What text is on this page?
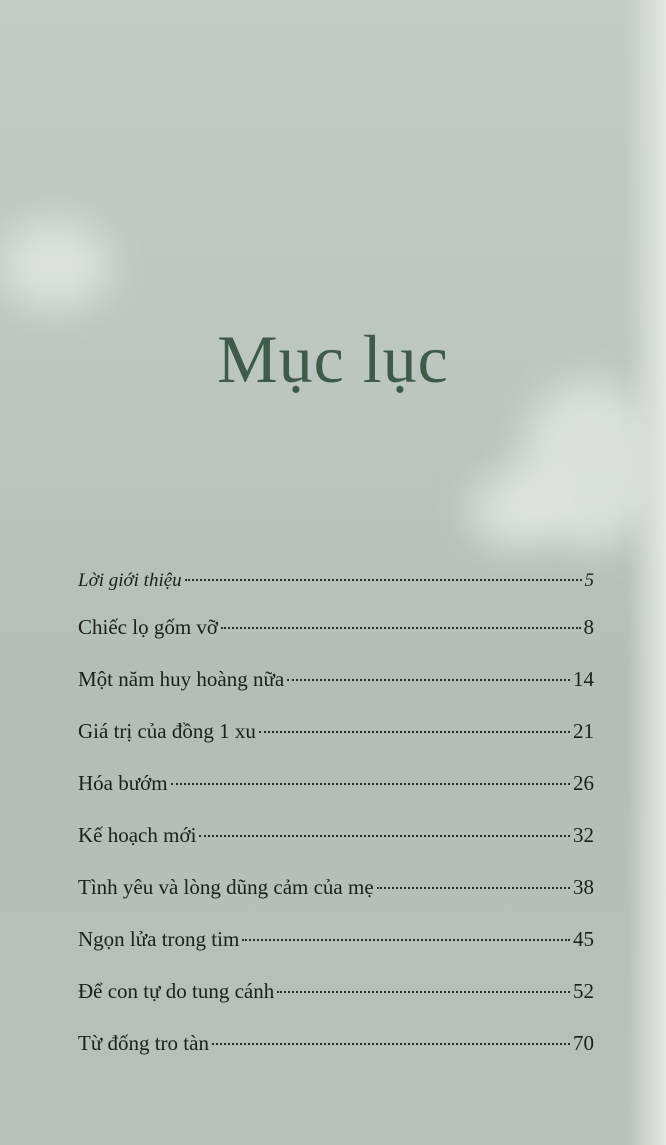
Mục lục
Lời giới thiệu	5
Chiếc lọ gốm vỡ	8
Một năm huy hoàng nữa	14
Giá trị của đồng 1 xu	21
Hóa bướm	26
Kế hoạch mới	32
Tình yêu và lòng dũng cảm của mẹ	38
Ngọn lửa trong tim	45
Để con tự do tung cánh	52
Từ đống tro tàn	70
